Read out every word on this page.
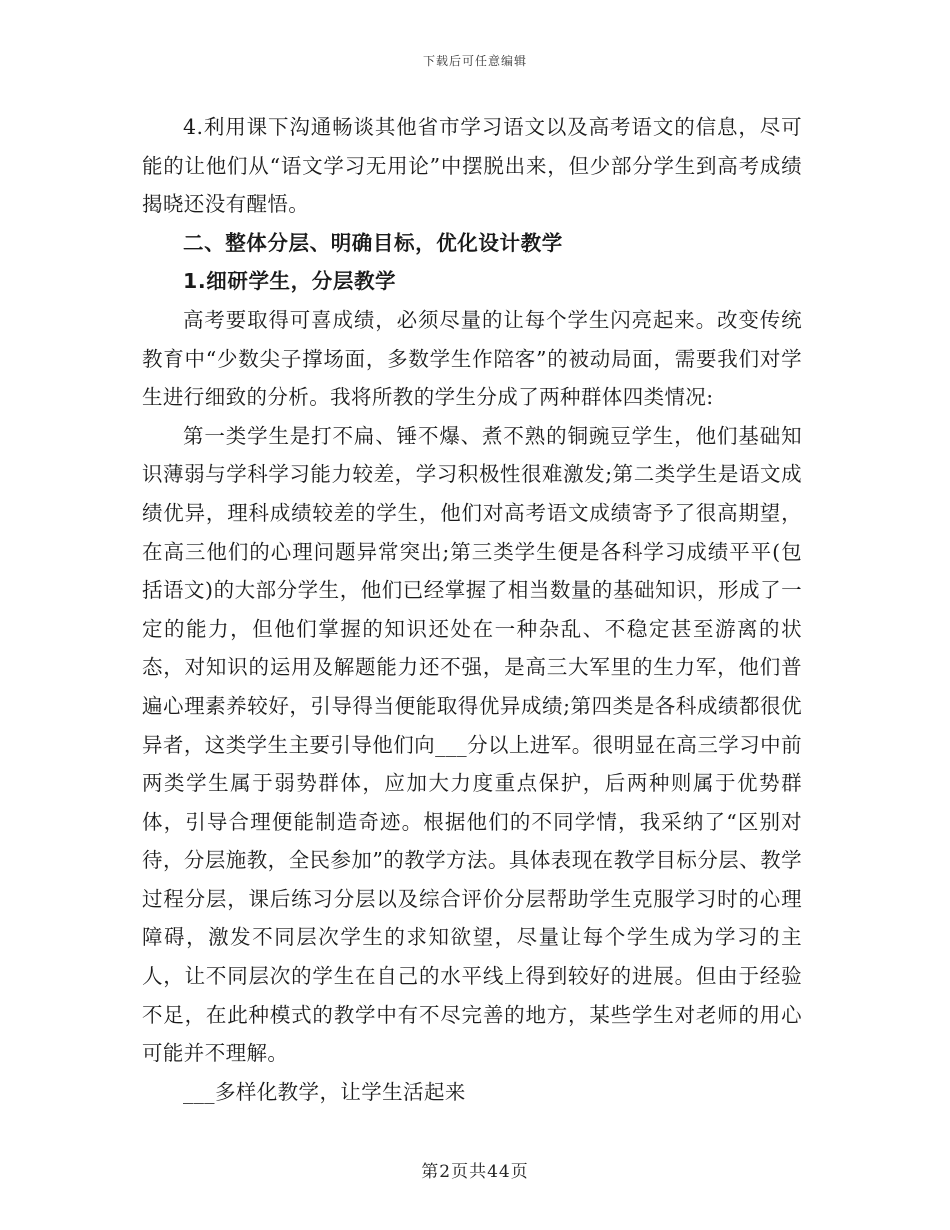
下载后可任意编辑

4.利用课下沟通畅谈其他省市学习语文以及高考语文的信息，尽可能的让他们从“语文学习无用论”中摆脱出来，但少部分学生到高考成绩揭晓还没有醒悟。

二、整体分层、明确目标，优化设计教学

1.细研学生，分层教学

高考要取得可喜成绩，必须尽量的让每个学生闪亮起来。改变传统教育中“少数尖子撑场面，多数学生作陪客”的被动局面，需要我们对学生进行细致的分析。我将所教的学生分成了两种群体四类情况:

第一类学生是打不扁、锤不爆、煮不熟的铜豌豆学生，他们基础知识薄弱与学科学习能力较差，学习积极性很难激发;第二类学生是语文成绩优异，理科成绩较差的学生，他们对高考语文成绩寄予了很高期望，在高三他们的心理问题异常突出;第三类学生便是各科学习成绩平平(包括语文)的大部分学生，他们已经掌握了相当数量的基础知识，形成了一定的能力，但他们掌握的知识还处在一种杂乱、不稳定甚至游离的状态，对知识的运用及解题能力还不强，是高三大军里的生力军，他们普遍心理素养较好，引导得当便能取得优异成绩;第四类是各科成绩都很优异者，这类学生主要引导他们向___分以上进军。很明显在高三学习中前两类学生属于弱势群体，应加大力度重点保护，后两种则属于优势群体，引导合理便能制造奇迹。根据他们的不同学情，我采纳了“区别对待，分层施教，全民参加”的教学方法。具体表现在教学目标分层、教学过程分层，课后练习分层以及综合评价分层帮助学生克服学习时的心理障碍，激发不同层次学生的求知欲望，尽量让每个学生成为学习的主人，让不同层次的学生在自己的水平线上得到较好的进展。但由于经验不足，在此种模式的教学中有不尽完善的地方，某些学生对老师的用心可能并不理解。

___多样化教学，让学生活起来

第2页共44页
